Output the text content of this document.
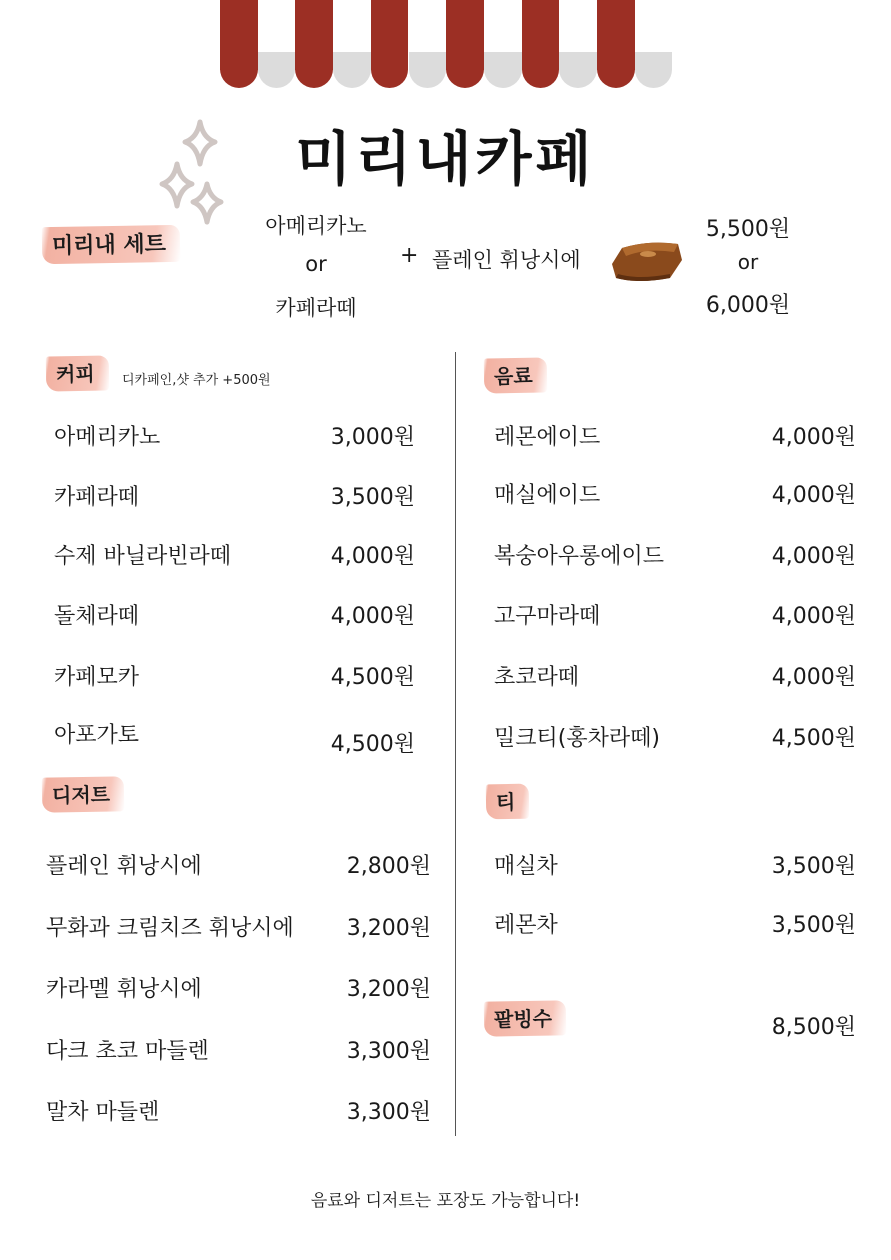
미리내카페
미리내 세트
아메리카노
or
카페라떼
+ 플레인 휘낭시에
5,500원
or
6,000원
커피	디카페인,샷 추가 +500원
아메리카노	3,000원
카페라떼	3,500원
수제 바닐라빈라떼	4,000원
돌체라떼	4,000원
카페모카	4,500원
아포가토	4,500원
디저트
플레인 휘낭시에	2,800원
무화과 크림치즈 휘낭시에	3,200원
카라멜 휘낭시에	3,200원
다크 초코 마들렌	3,300원
말차 마들렌	3,300원
음료
레몬에이드	4,000원
매실에이드	4,000원
복숭아우롱에이드	4,000원
고구마라떼	4,000원
초코라떼	4,000원
밀크티(홍차라떼)	4,500원
티
매실차	3,500원
레몬차	3,500원
팥빙수	8,500원
음료와 디저트는 포장도 가능합니다!
